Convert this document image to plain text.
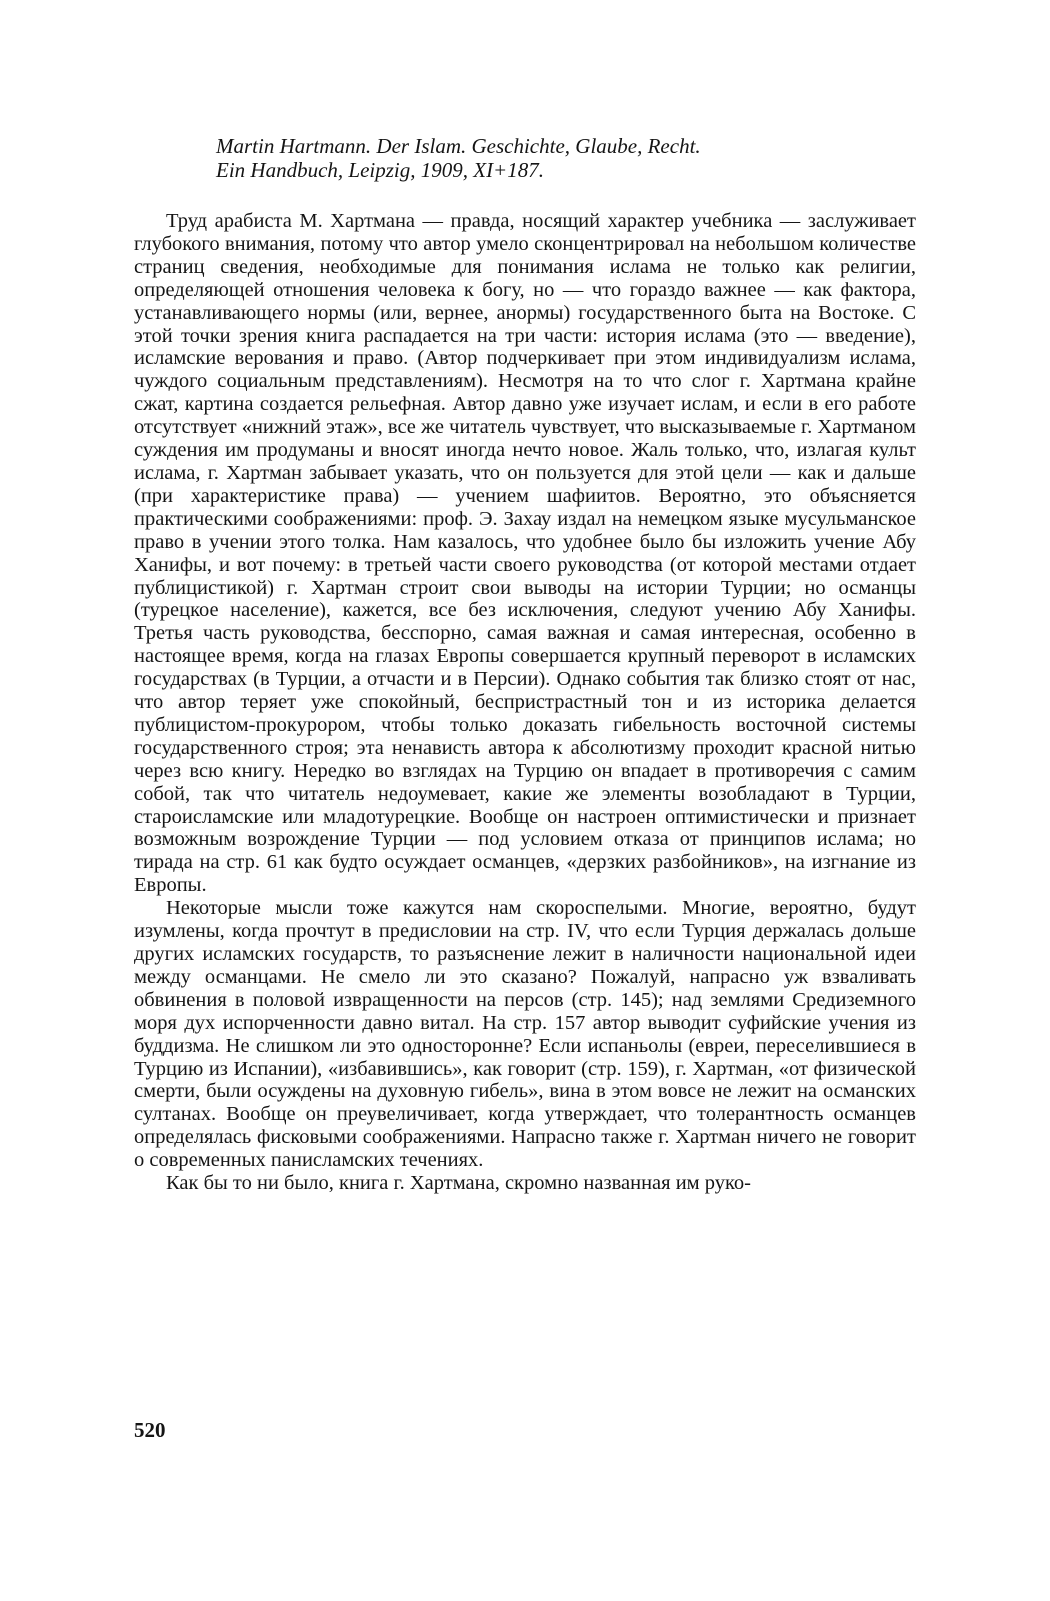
Martin Hartmann. Der Islam. Geschichte, Glaube, Recht.
Ein Handbuch, Leipzig, 1909, XI+187.

Труд арабиста М. Хартмана — правда, носящий характер учебника — заслуживает глубокого внимания, потому что автор умело сконцентрировал на небольшом количестве страниц сведения, необходимые для понимания ислама не только как религии, определяющей отношения человека к богу, но — что гораздо важнее — как фактора, устанавливающего нормы (или, вернее, анормы) государственного быта на Востоке. С этой точки зрения книга распадается на три части: история ислама (это — введение), исламские верования и право. (Автор подчеркивает при этом индивидуализм ислама, чуждого социальным представлениям). Несмотря на то что слог г. Хартмана крайне сжат, картина создается рельефная. Автор давно уже изучает ислам, и если в его работе отсутствует «нижний этаж», все же читатель чувствует, что высказываемые г. Хартманом суждения им продуманы и вносят иногда нечто новое. Жаль только, что, излагая культ ислама, г. Хартман забывает указать, что он пользуется для этой цели — как и дальше (при характеристике права) — учением шафиитов. Вероятно, это объясняется практическими соображениями: проф. Э. Захау издал на немецком языке мусульманское право в учении этого толка. Нам казалось, что удобнее было бы изложить учение Абу Ханифы, и вот почему: в третьей части своего руководства (от которой местами отдает публицистикой) г. Хартман строит свои выводы на истории Турции; но османцы (турецкое население), кажется, все без исключения, следуют учению Абу Ханифы. Третья часть руководства, бесспорно, самая важная и самая интересная, особенно в настоящее время, когда на глазах Европы совершается крупный переворот в исламских государствах (в Турции, а отчасти и в Персии). Однако события так близко стоят от нас, что автор теряет уже спокойный, беспристрастный тон и из историка делается публицистом-прокурором, чтобы только доказать гибельность восточной системы государственного строя; эта ненависть автора к абсолютизму проходит красной нитью через всю книгу. Нередко во взглядах на Турцию он впадает в противоречия с самим собой, так что читатель недоумевает, какие же элементы возобладают в Турции, староисламские или младотурецкие. Вообще он настроен оптимистически и признает возможным возрождение Турции — под условием отказа от принципов ислама; но тирада на стр. 61 как будто осуждает османцев, «дерзких разбойников», на изгнание из Европы.

Некоторые мысли тоже кажутся нам скороспелыми. Многие, вероятно, будут изумлены, когда прочтут в предисловии на стр. IV, что если Турция держалась дольше других исламских государств, то разъяснение лежит в наличности национальной идеи между османцами. Не смело ли это сказано? Пожалуй, напрасно уж взваливать обвинения в половой извращенности на персов (стр. 145); над землями Средиземного моря дух испорченности давно витал. На стр. 157 автор выводит суфийские учения из буддизма. Не слишком ли это односторонне? Если испаньолы (евреи, переселившиеся в Турцию из Испании), «избавившись», как говорит (стр. 159), г. Хартман, «от физической смерти, были осуждены на духовную гибель», вина в этом вовсе не лежит на османских султанах. Вообще он преувеличивает, когда утверждает, что толерантность османцев определялась фисковыми соображениями. Напрасно также г. Хартман ничего не говорит о современных панисламских течениях.

Как бы то ни было, книга г. Хартмана, скромно названная им руко-

520
